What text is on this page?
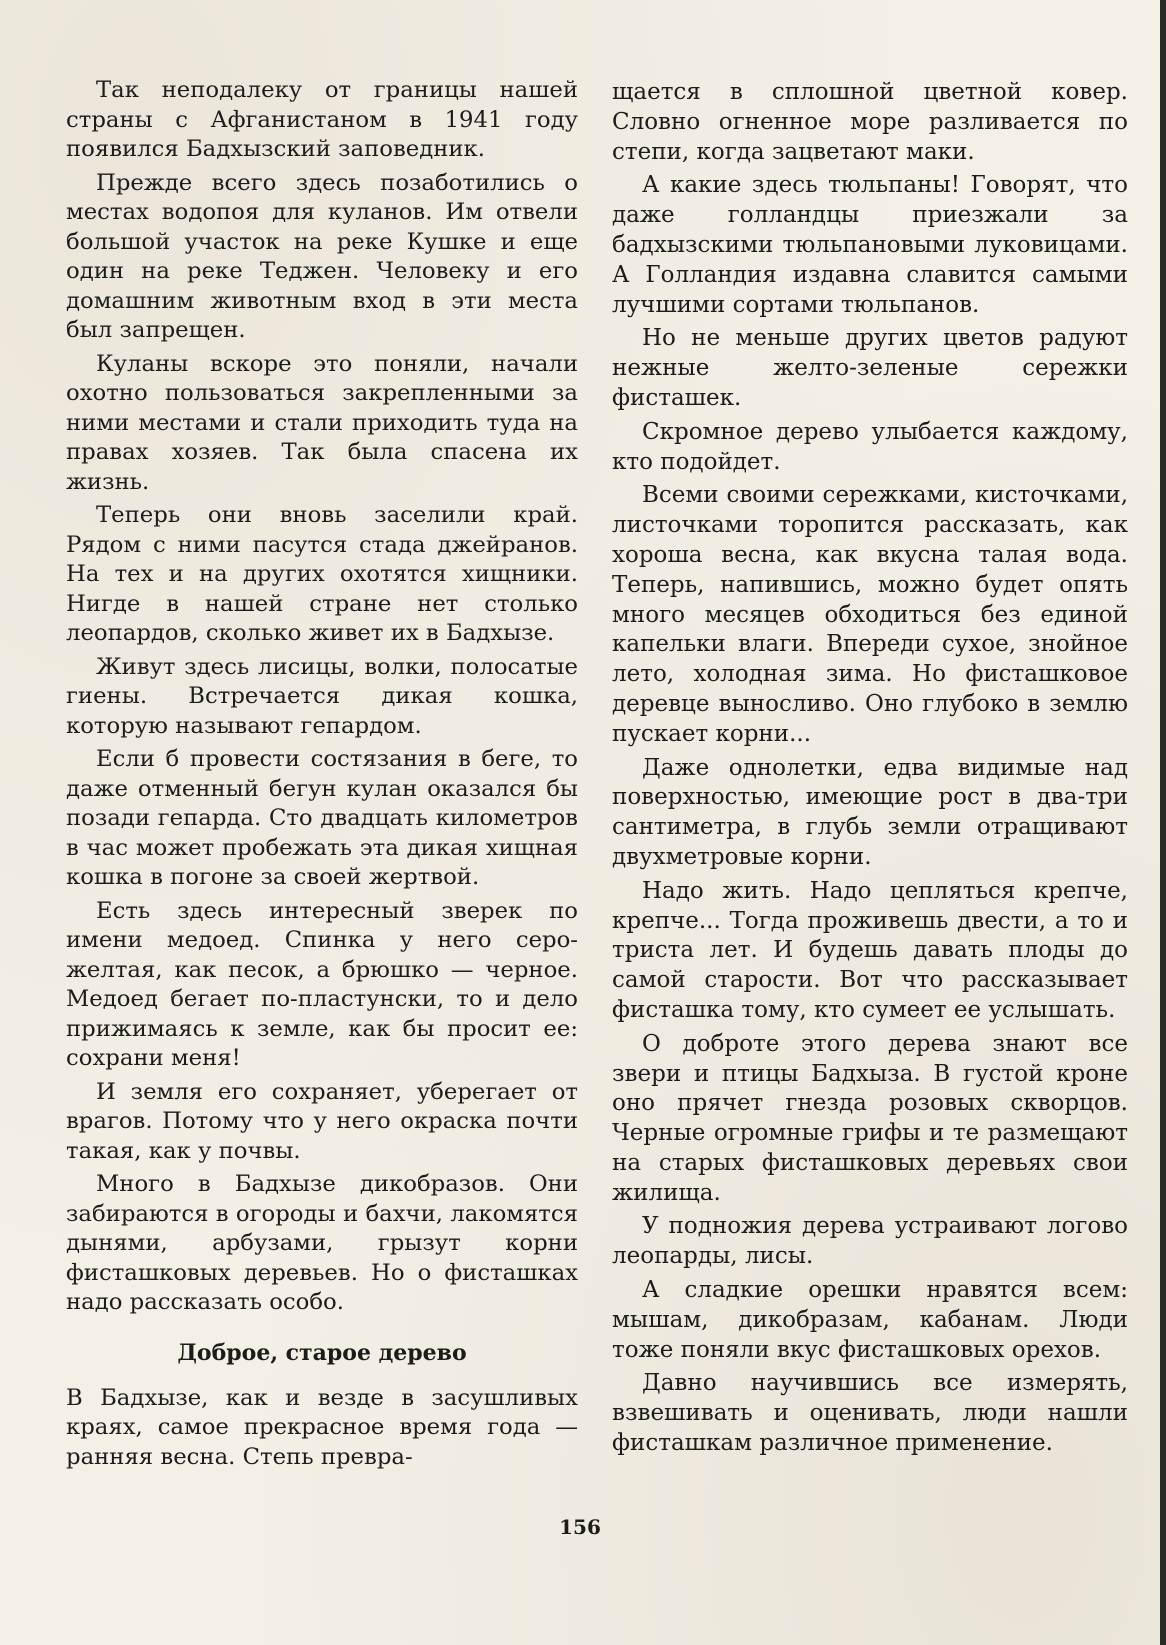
Так неподалеку от границы нашей страны с Афганистаном в 1941 году появился Бадхызский заповедник.

Прежде всего здесь позаботились о местах водопоя для куланов. Им отвели большой участок на реке Кушке и еще один на реке Теджен. Человеку и его домашним животным вход в эти места был запрещен.

Куланы вскоре это поняли, начали охотно пользоваться закрепленными за ними местами и стали приходить туда на правах хозяев. Так была спасена их жизнь.

Теперь они вновь заселили край. Рядом с ними пасутся стада джейранов. На тех и на других охотятся хищники. Нигде в нашей стране нет столько леопардов, сколько живет их в Бадхызе.

Живут здесь лисицы, волки, полосатые гиены. Встречается дикая кошка, которую называют гепардом.

Если б провести состязания в беге, то даже отменный бегун кулан оказался бы позади гепарда. Сто двадцать километров в час может пробежать эта дикая хищная кошка в погоне за своей жертвой.

Есть здесь интересный зверек по имени медоед. Спинка у него серо-желтая, как песок, а брюшко — черное. Медоед бегает по-пластунски, то и дело прижимаясь к земле, как бы просит ее: сохрани меня!

И земля его сохраняет, уберегает от врагов. Потому что у него окраска почти такая, как у почвы.

Много в Бадхызе дикобразов. Они забираются в огороды и бахчи, лакомятся дынями, арбузами, грызут корни фисташковых деревьев. Но о фисташках надо рассказать особо.

Доброе, старое дерево

В Бадхызе, как и везде в засушливых краях, самое прекрасное время года — ранняя весна. Степь превра-

щается в сплошной цветной ковер. Словно огненное море разливается по степи, когда зацветают маки.

А какие здесь тюльпаны! Говорят, что даже голландцы приезжали за бадхызскими тюльпановыми луковицами. А Голландия издавна славится самыми лучшими сортами тюльпанов.

Но не меньше других цветов радуют нежные желто-зеленые сережки фисташек.

Скромное дерево улыбается каждому, кто подойдет.

Всеми своими сережками, кисточками, листочками торопится рассказать, как хороша весна, как вкусна талая вода. Теперь, напившись, можно будет опять много месяцев обходиться без единой капельки влаги. Впереди сухое, знойное лето, холодная зима. Но фисташковое деревце выносливо. Оно глубоко в землю пускает корни...

Даже однолетки, едва видимые над поверхностью, имеющие рост в два-три сантиметра, в глубь земли отращивают двухметровые корни.

Надо жить. Надо цепляться крепче, крепче... Тогда проживешь двести, а то и триста лет. И будешь давать плоды до самой старости. Вот что рассказывает фисташка тому, кто сумеет ее услышать.

О доброте этого дерева знают все звери и птицы Бадхыза. В густой кроне оно прячет гнезда розовых скворцов. Черные огромные грифы и те размещают на старых фисташковых деревьях свои жилища.

У подножия дерева устраивают логово леопарды, лисы.

А сладкие орешки нравятся всем: мышам, дикобразам, кабанам. Люди тоже поняли вкус фисташковых орехов.

Давно научившись все измерять, взвешивать и оценивать, люди нашли фисташкам различное применение.

156
